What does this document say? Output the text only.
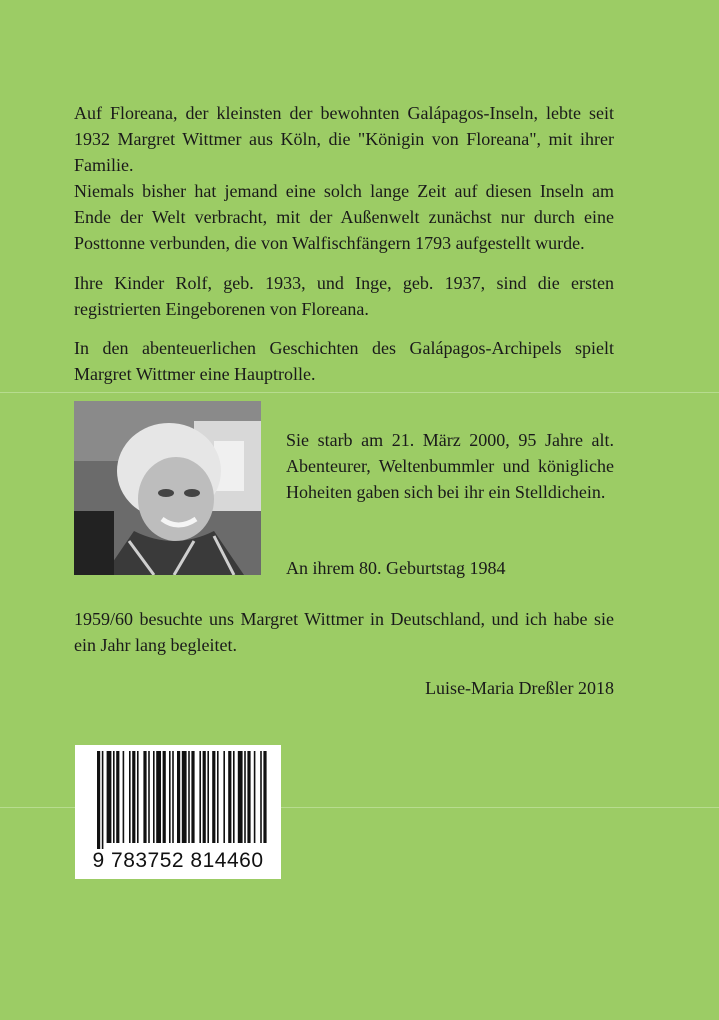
Auf Floreana, der kleinsten der bewohnten Galápagos-Inseln, lebte seit 1932 Margret Wittmer aus Köln, die "Königin von Floreana", mit ihrer Familie.
Niemals bisher hat jemand eine solch lange Zeit auf diesen Inseln am Ende der Welt verbracht, mit der Außenwelt zunächst nur durch eine Posttonne verbunden, die von Walfischfängern 1793 aufgestellt wurde.
Ihre Kinder Rolf, geb. 1933, und Inge, geb. 1937, sind die ersten registrierten Eingeborenen von Floreana.
In den abenteuerlichen Geschichten des Galápagos-Archipels spielt Margret Wittmer eine Hauptrolle.
Sie starb am 21. März 2000, 95 Jahre alt. Abenteurer, Weltenbummler und königliche Hoheiten gaben sich bei ihr ein Stelldichein.
An ihrem 80. Geburtstag 1984
1959/60 besuchte uns Margret Wittmer in Deutschland, und ich habe sie ein Jahr lang begleitet.
Luise-Maria Dreßler 2018
9 783752 814460
